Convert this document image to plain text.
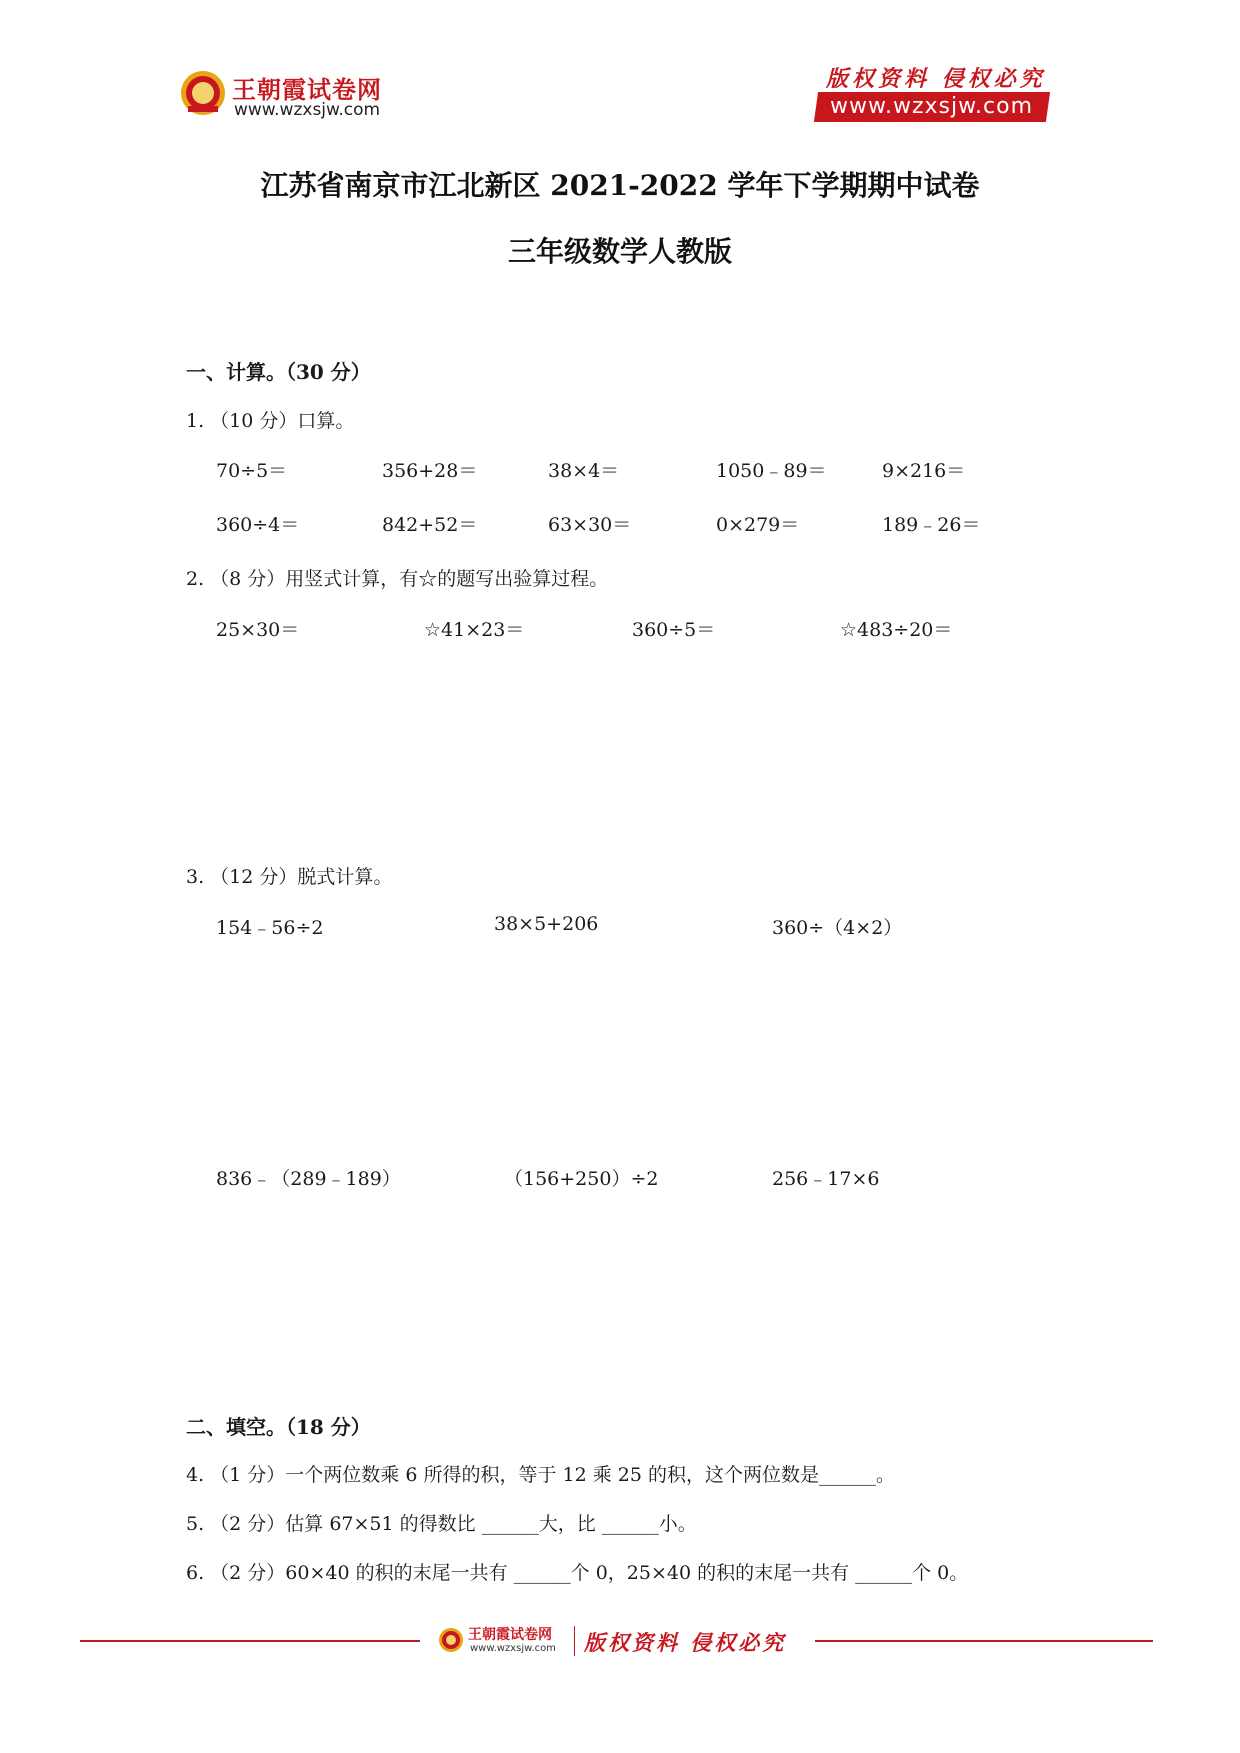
王朝霞试卷网
www.wzxsjw.com
版权资料 侵权必究
www.wzxsjw.com
江苏省南京市江北新区 2021-2022 学年下学期期中试卷
三年级数学人教版
一、计算。（30 分）
1. （10 分）口算。
70÷5＝	356+28＝	38×4＝	1050﹣89＝	9×216＝
360÷4＝	842+52＝	63×30＝	0×279＝	189﹣26＝
2. （8 分）用竖式计算，有☆的题写出验算过程。
25×30＝	☆41×23＝	360÷5＝	☆483÷20＝
3. （12 分）脱式计算。
154﹣56÷2	38×5+206	360÷（4×2）
836﹣（289﹣189）	（156+250）÷2	256﹣17×6
二、填空。（18 分）
4. （1 分）一个两位数乘 6 所得的积，等于 12 乘 25 的积，这个两位数是______。
5. （2 分）估算 67×51 的得数比 ______大，比 ______小。
6. （2 分）60×40 的积的末尾一共有 ______个 0，25×40 的积的末尾一共有 ______个 0。
王朝霞试卷网
www.wzxsjw.com 版权资料 侵权必究
